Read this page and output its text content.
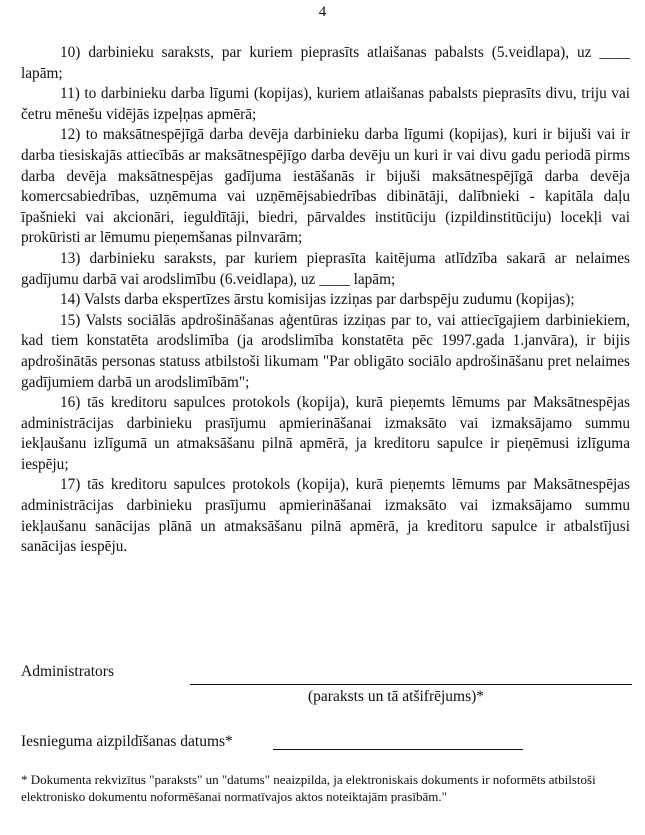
4

10) darbinieku saraksts, par kuriem pieprasīts atlaišanas pabalsts (5.veidlapa), uz ____ lapām;

11) to darbinieku darba līgumi (kopijas), kuriem atlaišanas pabalsts pieprasīts divu, triju vai četru mēnešu vidējās izpeļņas apmērā;

12) to maksātnespējīgā darba devēja darbinieku darba līgumi (kopijas), kuri ir bijuši vai ir darba tiesiskajās attiecībās ar maksātnespējīgo darba devēju un kuri ir vai divu gadu periodā pirms darba devēja maksātnespējas gadījuma iestāšanās ir bijuši maksātnespējīgā darba devēja komercsabiedrības, uzņēmuma vai uzņēmējsabiedrības dibinātāji, dalībnieki - kapitāla daļu īpašnieki vai akcionāri, ieguldītāji, biedri, pārvaldes institūciju (izpildinstitūciju) locekļi vai prokūristi ar lēmumu pieņemšanas pilnvarām;

13) darbinieku saraksts, par kuriem pieprasīta kaitējuma atlīdzība sakarā ar nelaimes gadījumu darbā vai arodslimību (6.veidlapa), uz ____ lapām;

14) Valsts darba ekspertīzes ārstu komisijas izziņas par darbspēju zudumu (kopijas);

15) Valsts sociālās apdrošināšanas aģentūras izziņas par to, vai attiecīgajiem darbiniekiem, kad tiem konstatēta arodslimība (ja arodslimība konstatēta pēc 1997.gada 1.janvāra), ir bijis apdrošinātās personas statuss atbilstoši likumam "Par obligāto sociālo apdrošināšanu pret nelaimes gadījumiem darbā un arodslimībām";

16) tās kreditoru sapulces protokols (kopija), kurā pieņemts lēmums par Maksātnespējas administrācijas darbinieku prasījumu apmierināšanai izmaksāto vai izmaksājamo summu iekļaušanu izlīgumā un atmaksāšanu pilnā apmērā, ja kreditoru sapulce ir pieņēmusi izlīguma iespēju;

17) tās kreditoru sapulces protokols (kopija), kurā pieņemts lēmums par Maksātnespējas administrācijas darbinieku prasījumu apmierināšanai izmaksāto vai izmaksājamo summu iekļaušanu sanācijas plānā un atmaksāšanu pilnā apmērā, ja kreditoru sapulce ir atbalstījusi sanācijas iespēju.

Administrators
(paraksts un tā atšifrējums)*
Iesnieguma aizpildīšanas datums*
* Dokumenta rekvizītus "paraksts" un "datums" neaizpilda, ja elektroniskais dokuments ir noformēts atbilstoši elektronisko dokumentu noformēšanai normatīvajos aktos noteiktajām prasībām."
